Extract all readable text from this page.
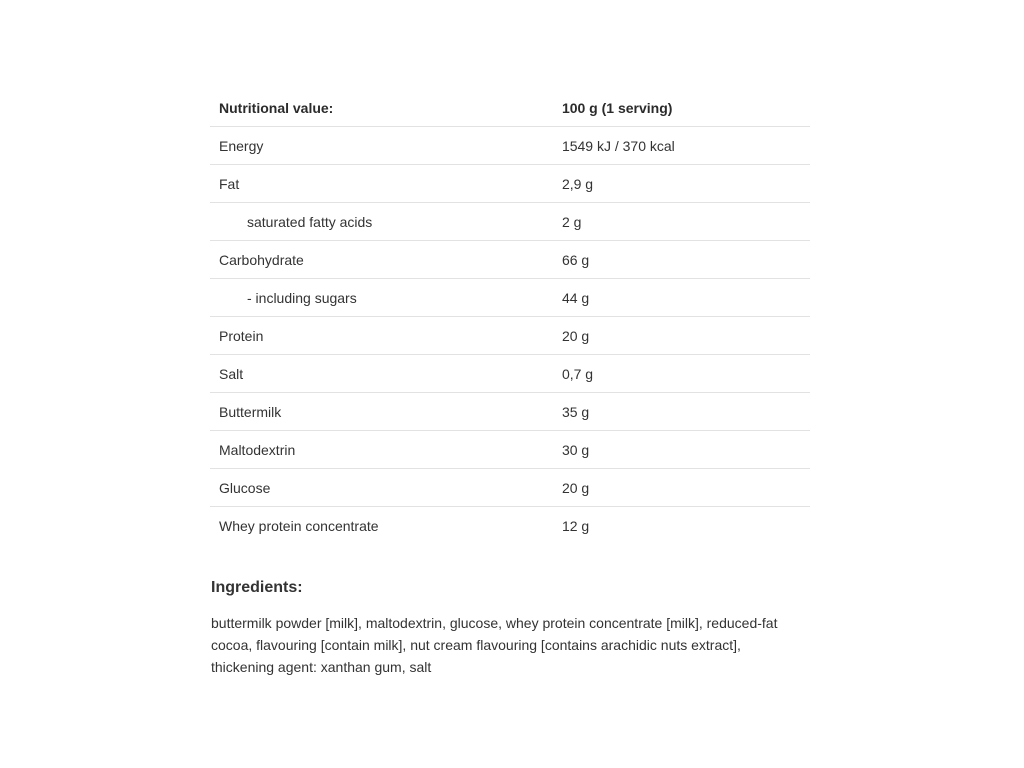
Nutritional value:	100 g (1 serving)
Energy	1549 kJ / 370 kcal
Fat	2,9 g
saturated fatty acids	2 g
Carbohydrate	66 g
- including sugars	44 g
Protein	20 g
Salt	0,7 g
Buttermilk	35 g
Maltodextrin	30 g
Glucose	20 g
Whey protein concentrate	12 g
Ingredients:

buttermilk powder [milk], maltodextrin, glucose, whey protein concentrate [milk], reduced-fat cocoa, flavouring [contain milk], nut cream flavouring [contains arachidic nuts extract], thickening agent: xanthan gum, salt
